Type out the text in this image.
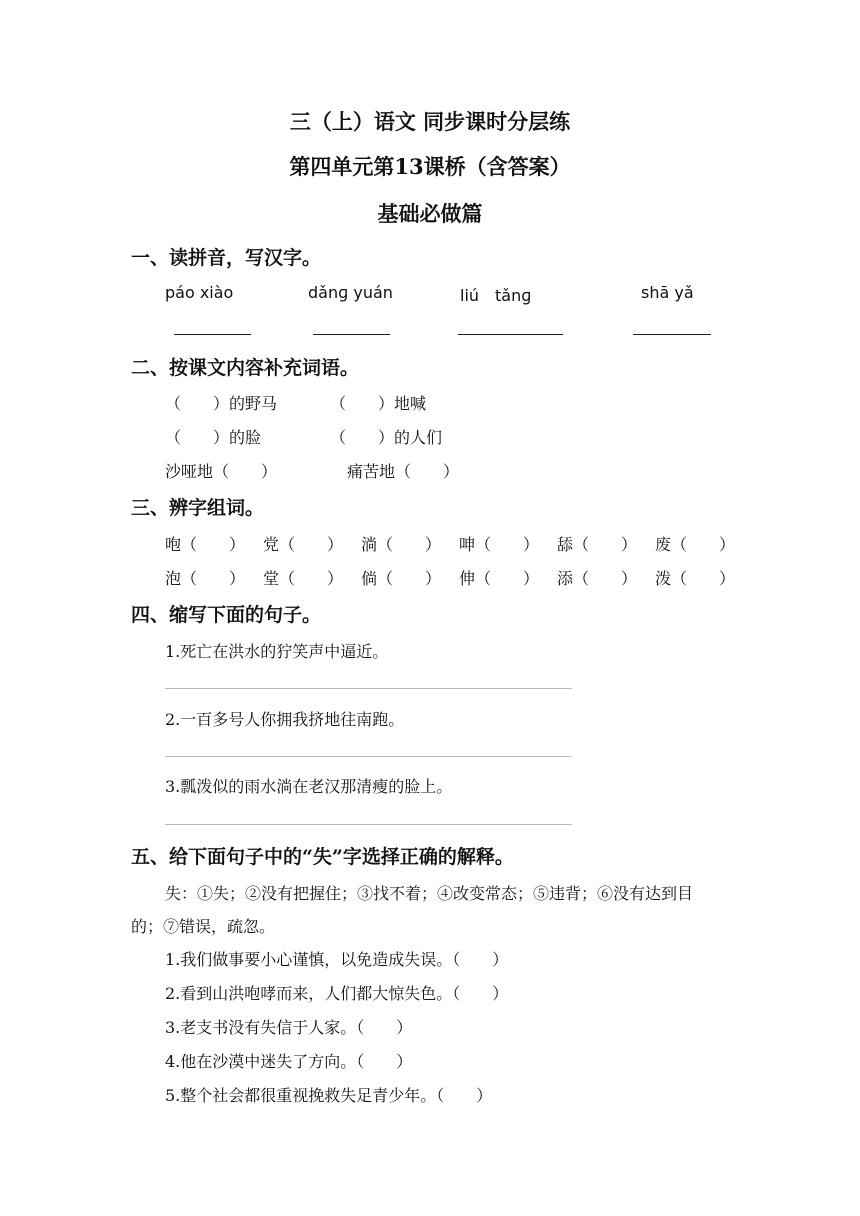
三（上）语文 同步课时分层练
第四单元第13课桥（含答案）
基础必做篇
一、读拼音，写汉字。
páo xiào	dǎnɡ yuán	liú　tǎnɡ	shā yǎ
二、按课文内容补充词语。
（　　）的野马	（　　）地喊
（　　）的脸	（　　）的人们
沙哑地（　　）	痛苦地（　　）
三、辨字组词。
咆（　　） 党（　　） 淌（　　） 呻（　　） 舔（　　） 废（　　）
泡（　　） 堂（　　） 倘（　　） 伸（　　） 添（　　） 泼（　　）
四、缩写下面的句子。
1.死亡在洪水的狞笑声中逼近。
2.一百多号人你拥我挤地往南跑。
3.瓢泼似的雨水淌在老汉那清瘦的脸上。
五、给下面句子中的“失”字选择正确的解释。
失：①失；②没有把握住；③找不着；④改变常态；⑤违背；⑥没有达到目
的；⑦错误，疏忽。
1.我们做事要小心谨慎，以免造成失误。（　　）
2.看到山洪咆哮而来，人们都大惊失色。（　　）
3.老支书没有失信于人家。（　　）
4.他在沙漠中迷失了方向。（　　）
5.整个社会都很重视挽救失足青少年。（　　）
